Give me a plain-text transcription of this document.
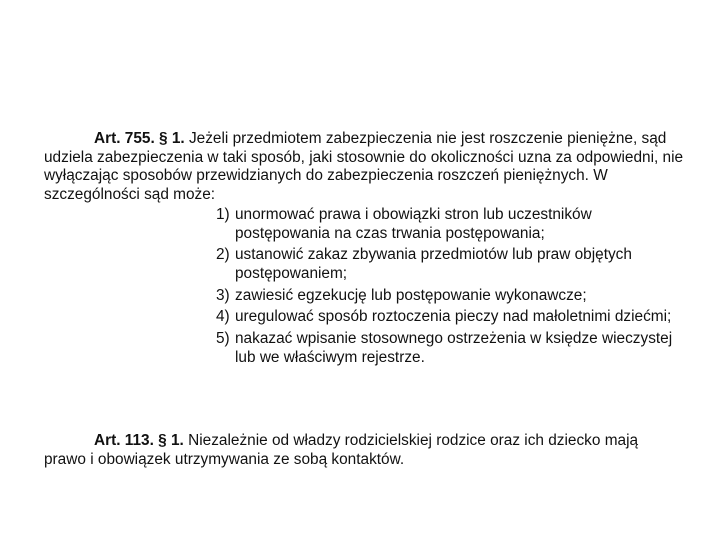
Art. 755. § 1. Jeżeli przedmiotem zabezpieczenia nie jest roszczenie pieniężne, sąd udziela zabezpieczenia w taki sposób, jaki stosownie do okoliczności uzna za odpowiedni, nie wyłączając sposobów przewidzianych do zabezpieczenia roszczeń pieniężnych. W szczególności sąd może:

1) unormować prawa i obowiązki stron lub uczestników postępowania na czas trwania postępowania;
2) ustanowić zakaz zbywania przedmiotów lub praw objętych postępowaniem;
3) zawiesić egzekucję lub postępowanie wykonawcze;
4) uregulować sposób roztoczenia pieczy nad małoletnimi dziećmi;
5) nakazać wpisanie stosownego ostrzeżenia w księdze wieczystej lub we właściwym rejestrze.

Art. 113. § 1. Niezależnie od władzy rodzicielskiej rodzice oraz ich dziecko mają prawo i obowiązek utrzymywania ze sobą kontaktów.
